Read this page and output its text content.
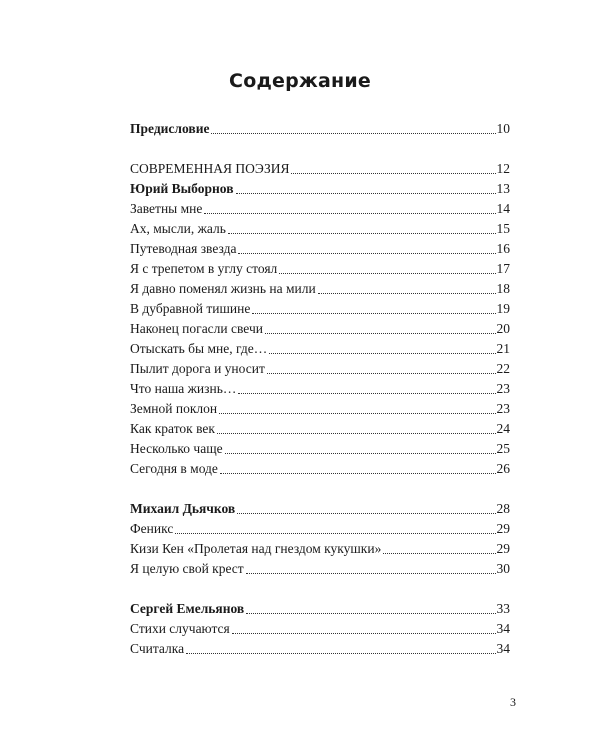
Содержание
Предисловие	10
СОВРЕМЕННАЯ ПОЭЗИЯ	12
Юрий Выборнов	13
Заветны мне	14
Ах, мысли, жаль	15
Путеводная звезда	16
Я с трепетом в углу стоял	17
Я давно поменял жизнь на мили	18
В дубравной тишине	19
Наконец погасли свечи	20
Отыскать бы мне, где…	21
Пылит дорога и уносит	22
Что наша жизнь…	23
Земной поклон	23
Как краток век	24
Несколько чаще	25
Сегодня в моде	26
Михаил Дьячков	28
Феникс	29
Кизи Кен «Пролетая над гнездом кукушки»	29
Я целую свой крест	30
Сергей Емельянов	33
Стихи случаются	34
Считалка	34
3
